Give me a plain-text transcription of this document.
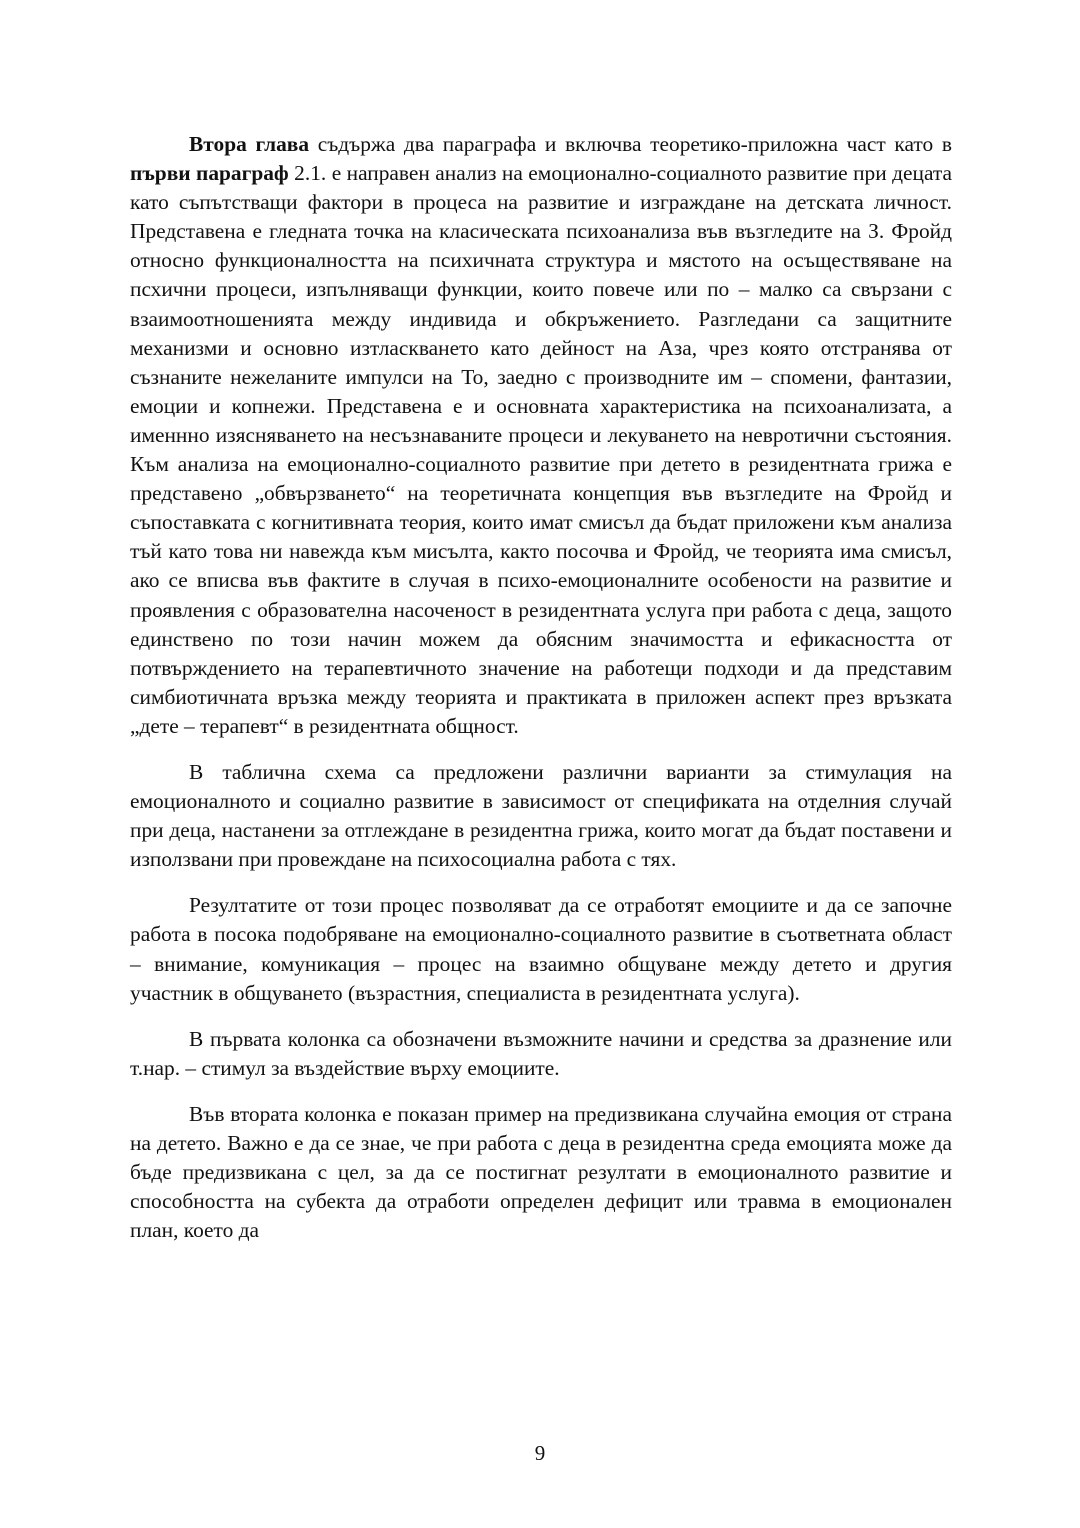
Втора глава съдържа два параграфа и включва теоретико-приложна част като в първи параграф 2.1. е направен анализ на емоционално-социалното развитие при децата като съпътстващи фактори в процеса на развитие и изграждане на детската личност. Представена е гледната точка на класическата психоанализа във възгледите на З. Фройд относно функционалността на психичната структура и мястото на осъществяване на псхични процеси, изпълняващи функции, които повече или по – малко са свързани с взаимоотношенията между индивида и обкръжението. Разгледани са защитните механизми и основно изтласкването като дейност на Аза, чрез която отстранява от съзнаните нежеланите импулси на То, заедно с производните им – спомени, фантазии, емоции и копнежи. Представена е и основната характеристика на психоанализата, а именнно изясняването на несъзнаваните процеси и лекуването на невротични състояния. Към анализа на емоционално-социалното развитие при детето в резидентната грижа е представено „обвързването“ на теоретичната концепция във възгледите на Фройд и съпоставката с когнитивната теория, които имат смисъл да бъдат приложени към анализа тъй като това ни навежда към мисълта, както посочва и Фройд, че теорията има смисъл, ако се вписва във фактите в случая в психо-емоционалните особености на развитие и проявления с образователна насоченост в резидентната услуга при работа с деца, защото единствено по този начин можем да обясним значимостта и ефикасността от потвърждението на терапевтичното значение на работещи подходи и да представим симбиотичната връзка между теорията и практиката в приложен аспект през връзката „дете – терапевт“ в резидентната общност.

В таблична схема са предложени различни варианти за стимулация на емоционалното и социално развитие в зависимост от спецификата на отделния случай при деца, настанени за отглеждане в резидентна грижа, които могат да бъдат поставени и използвани при провеждане на психосоциална работа с тях.

Резултатите от този процес позволяват да се отработят емоциите и да се започне работа в посока подобряване на емоционално-социалното развитие в съответната област – внимание, комуникация – процес на взаимно общуване между детето и другия участник в общуването (възрастния, специалиста в резидентната услуга).

В първата колонка са обозначени възможните начини и средства за дразнение или т.нар. – стимул за въздействие върху емоциите.

Във втората колонка е показан пример на предизвикана случайна емоция от страна на детето. Важно е да се знае, че при работа с деца в резидентна среда емоцията може да бъде предизвикана с цел, за да се постигнат резултати в емоционалното развитие и способността на субекта да отработи определен дефицит или травма в емоционален план, което да

9
